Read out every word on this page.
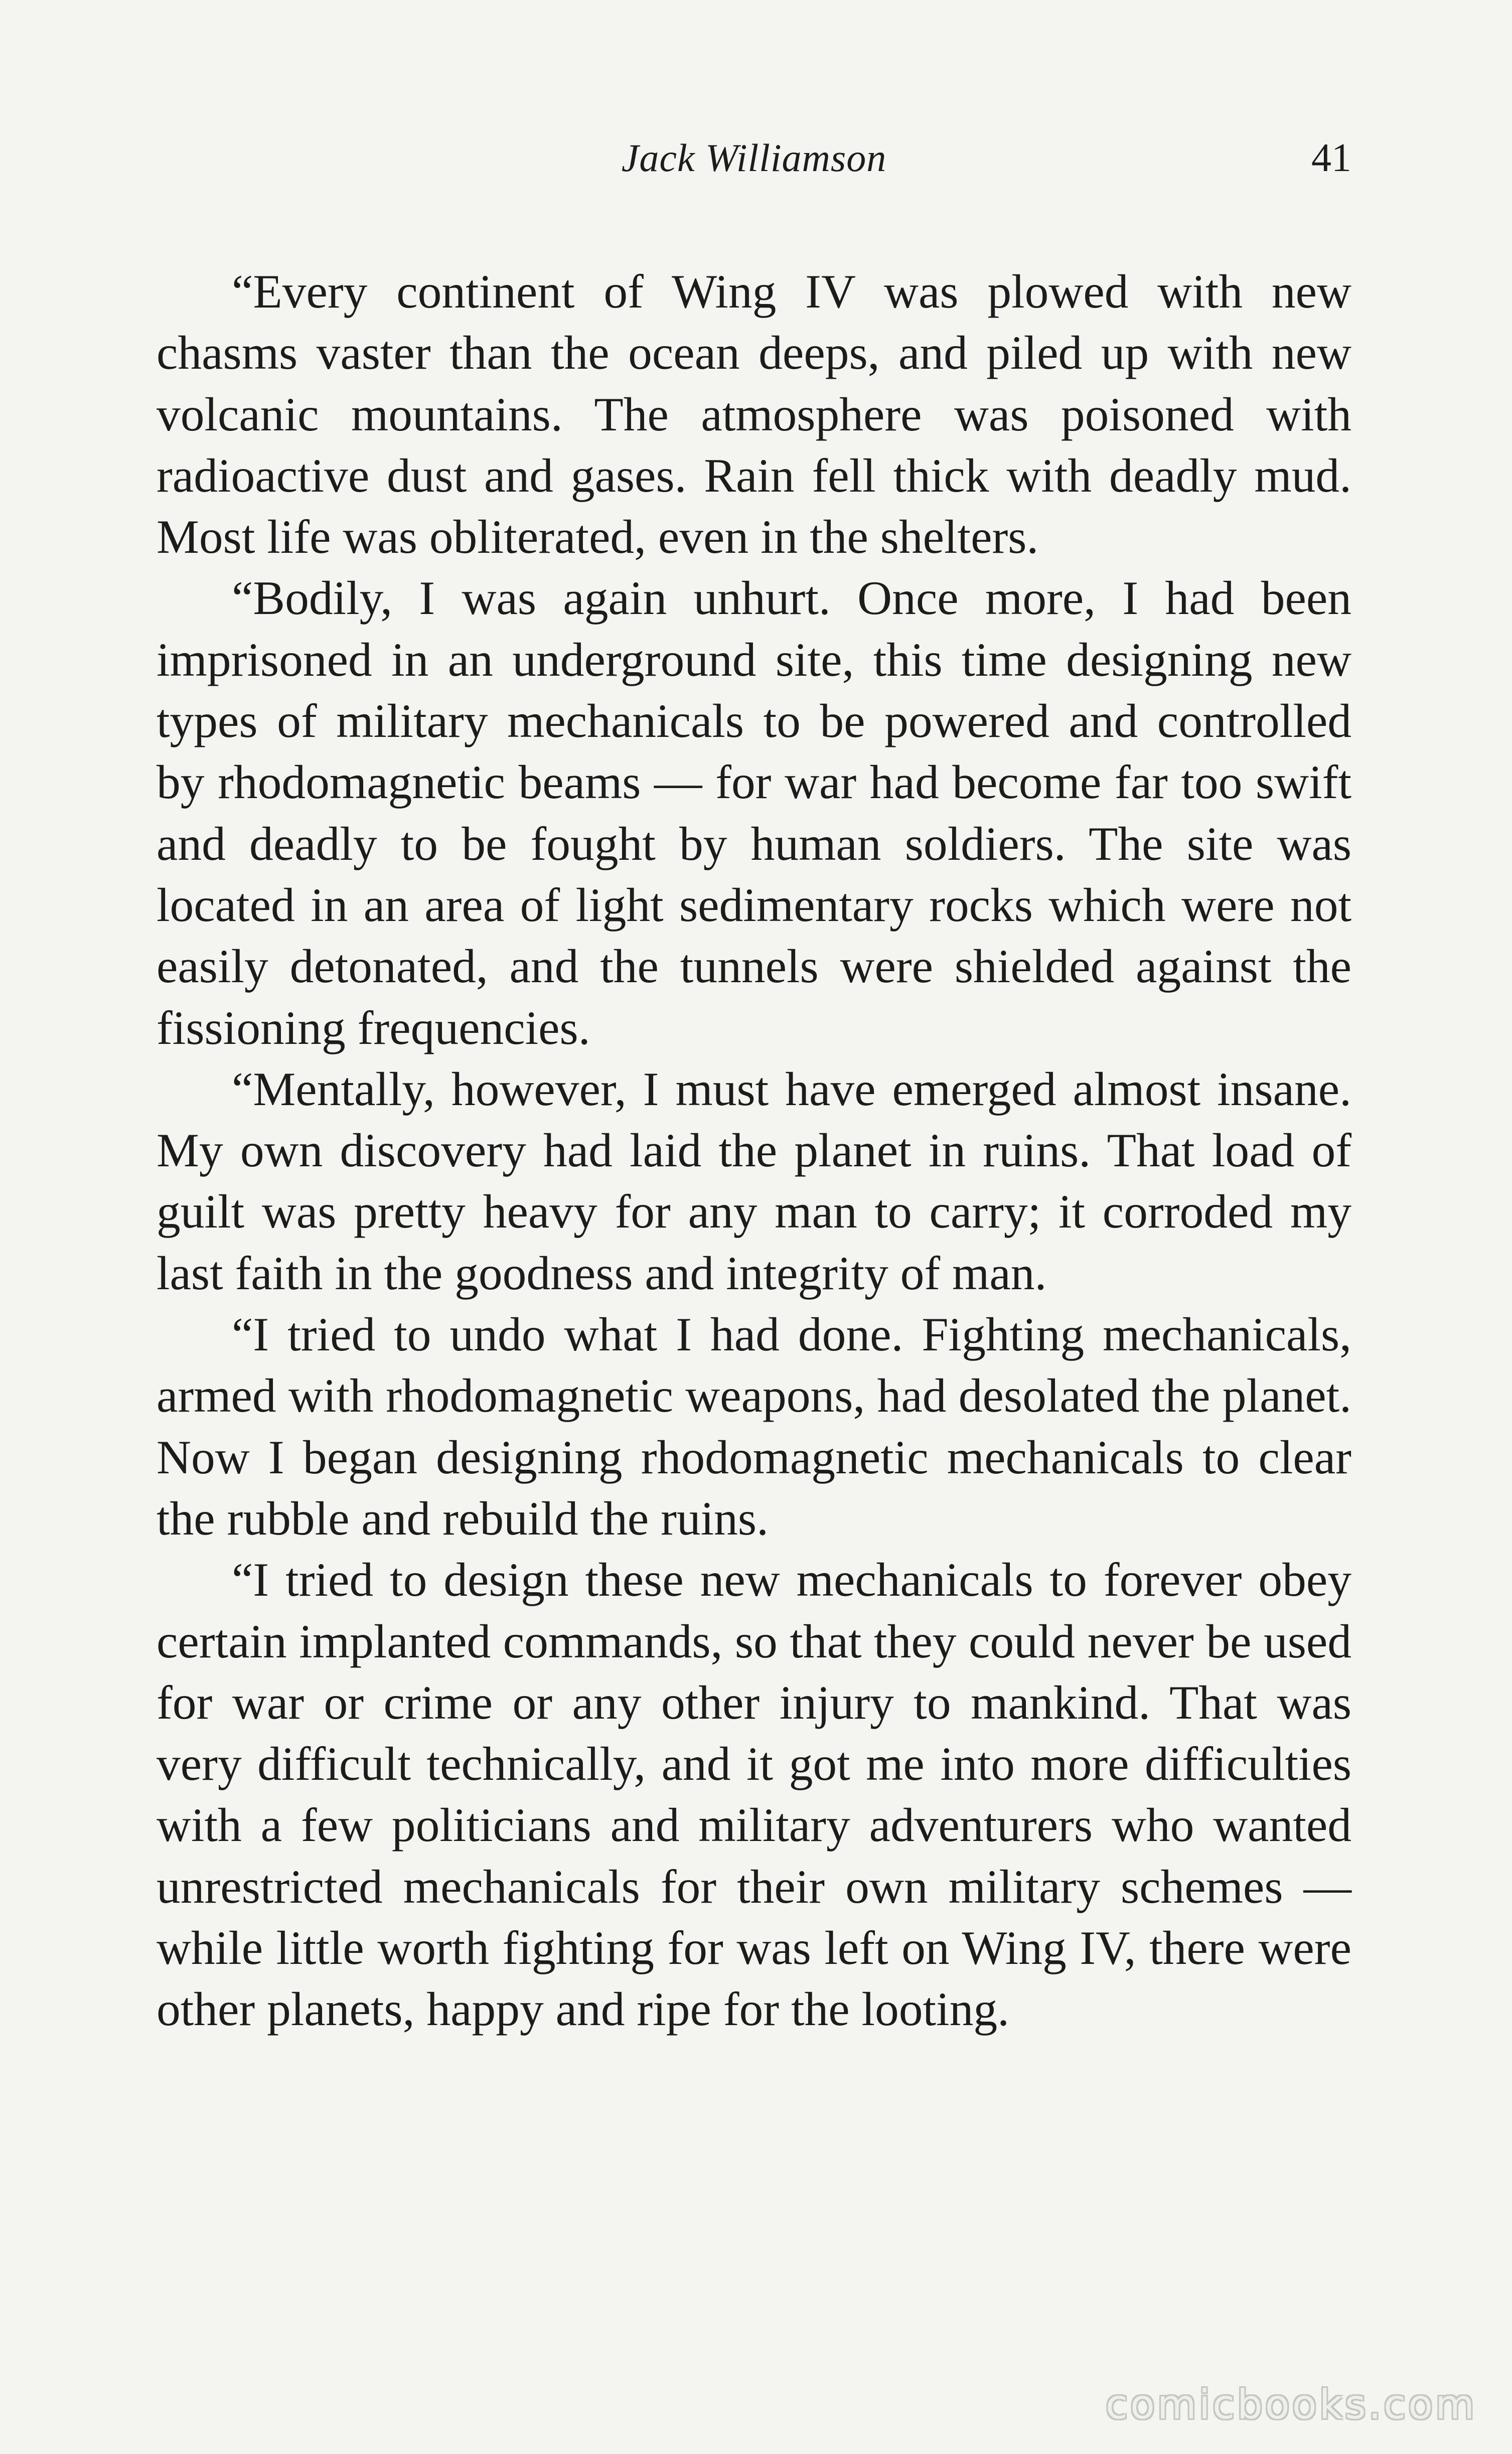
Jack Williamson	41

“Every continent of Wing IV was plowed with new chasms vaster than the ocean deeps, and piled up with new volcanic mountains. The atmosphere was poisoned with radioactive dust and gases. Rain fell thick with deadly mud. Most life was obliterated, even in the shelters.

“Bodily, I was again unhurt. Once more, I had been imprisoned in an underground site, this time designing new types of military mechanicals to be powered and controlled by rhodomagnetic beams — for war had become far too swift and deadly to be fought by human soldiers. The site was located in an area of light sedimentary rocks which were not easily detonated, and the tunnels were shielded against the fissioning frequencies.

“Mentally, however, I must have emerged almost insane. My own discovery had laid the planet in ruins. That load of guilt was pretty heavy for any man to carry; it corroded my last faith in the goodness and integrity of man.

“I tried to undo what I had done. Fighting mechanicals, armed with rhodomagnetic weapons, had desolated the planet. Now I began designing rhodomagnetic mechanicals to clear the rubble and rebuild the ruins.

“I tried to design these new mechanicals to forever obey certain implanted commands, so that they could never be used for war or crime or any other injury to mankind. That was very difficult technically, and it got me into more difficulties with a few politicians and military adventurers who wanted unrestricted mechanicals for their own military schemes — while little worth fighting for was left on Wing IV, there were other planets, happy and ripe for the looting.

comicbooks.com
